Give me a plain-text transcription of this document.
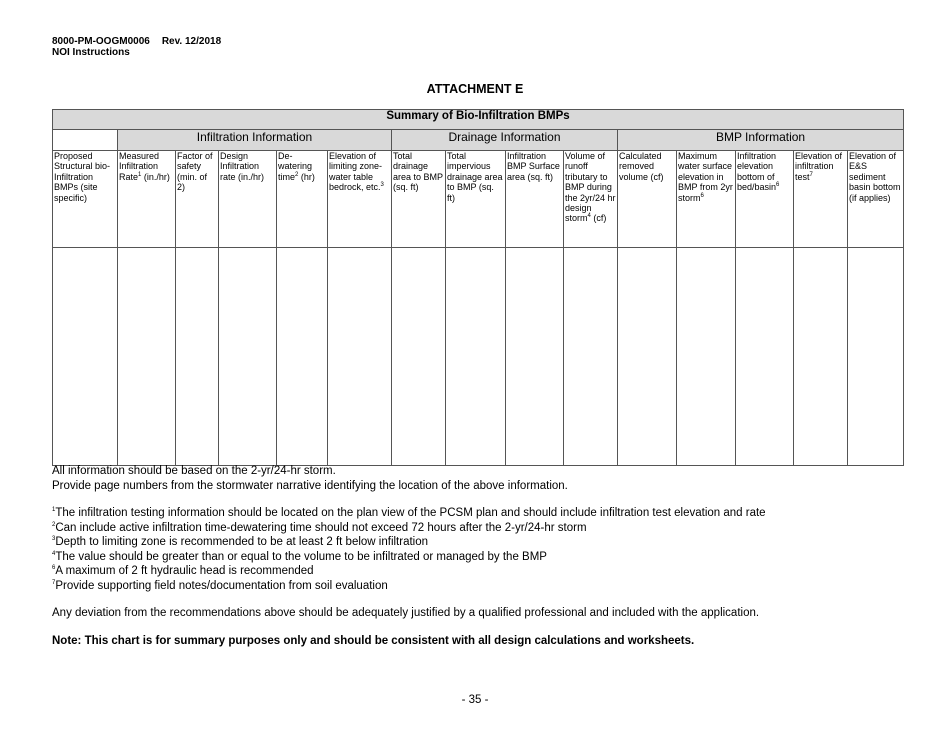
8000-PM-OOGM0006 Rev. 12/2018
NOI Instructions
ATTACHMENT E
Summary of Bio-Infiltration BMPs														
	Infiltration Information					Drainage Information				BMP Information				
Proposed Structural bio-Infiltration BMPs (site specific)	Measured Infiltration Rate$^1$ (in./hr)	Factor of safety (min. of 2)	Design Infiltration rate (in./hr)	De-watering time$^2$ (hr)	Elevation of limiting zone-water table bedrock, etc.$^3$	Total drainage area to BMP (sq. ft)	Total impervious drainage area to BMP (sq. ft)	Infiltration BMP Surface area (sq. ft)	Volume of runoff tributary to BMP during the 2yr/24 hr design storm$^4$ (cf)	Calculated removed volume (cf)	Maximum water surface elevation in BMP from 2yr storm$^6$	Infiltration elevation bottom of bed/basin$^6$	Elevation of infiltration test$^7$	Elevation of E&S sediment basin bottom (if applies)

All information should be based on the 2-yr/24-hr storm.

Provide page numbers from the stormwater narrative identifying the location of the above information.

$^1$The infiltration testing information should be located on the plan view of the PCSM plan and should include infiltration test elevation and rate

$^2$Can include active infiltration time-dewatering time should not exceed 72 hours after the 2-yr/24-hr storm

$^3$Depth to limiting zone is recommended to be at least 2 ft below infiltration

$^4$The value should be greater than or equal to the volume to be infiltrated or managed by the BMP

$^6$A maximum of 2 ft hydraulic head is recommended

$^7$Provide supporting field notes/documentation from soil evaluation

Any deviation from the recommendations above should be adequately justified by a qualified professional and included with the application.

Note: This chart is for summary purposes only and should be consistent with all design calculations and worksheets.

- 35 -
